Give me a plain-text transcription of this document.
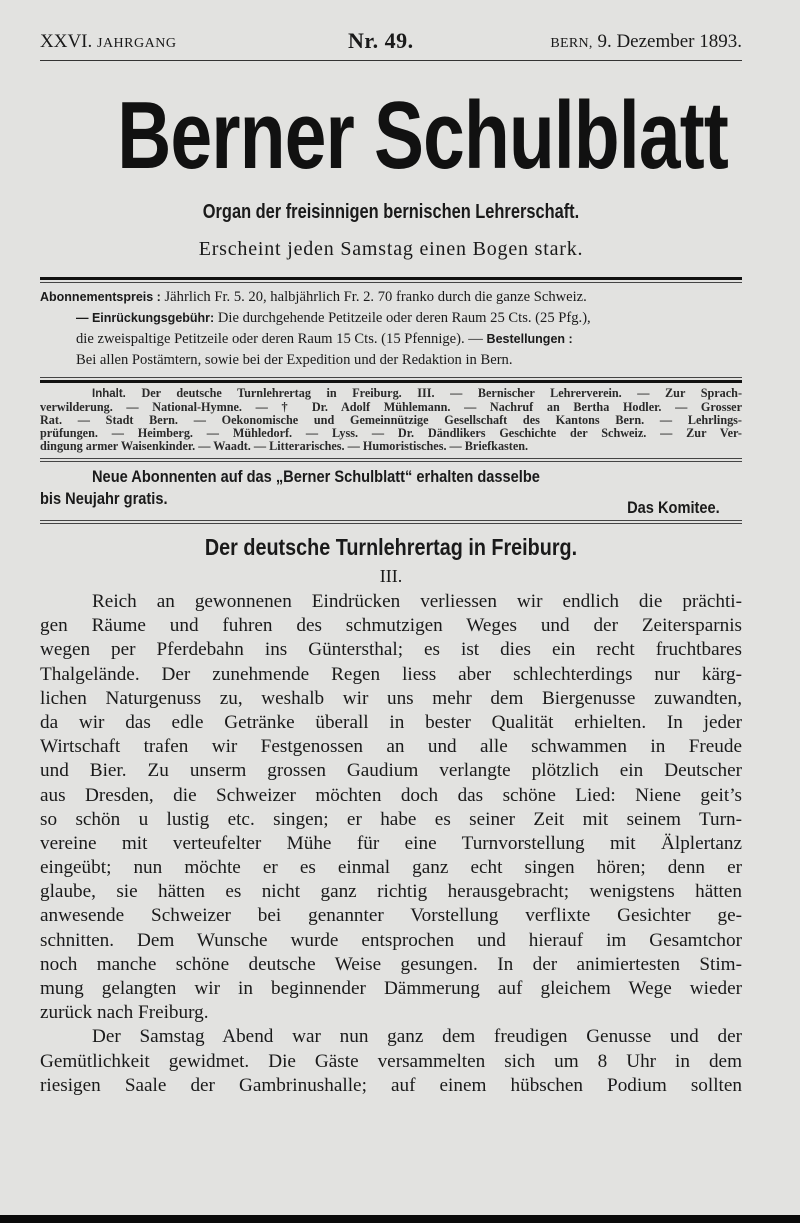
XXVI. JAHRGANG	Nr. 49.	BERN, 9. Dezember 1893.
Berner Schulblatt
Organ der freisinnigen bernischen Lehrerschaft.
Erscheint jeden Samstag einen Bogen stark.
Abonnementspreis : Jährlich Fr. 5. 20, halbjährlich Fr. 2. 70 franko durch die ganze Schweiz.
— Einrückungsgebühr: Die durchgehende Petitzeile oder deren Raum 25 Cts. (25 Pfg.),
die zweispaltige Petitzeile oder deren Raum 15 Cts. (15 Pfennige). — Bestellungen :
Bei allen Postämtern, sowie bei der Expedition und der Redaktion in Bern.
Inhalt. Der deutsche Turnlehrertag in Freiburg. III. — Bernischer Lehrerverein. — Zur Sprach-
verwilderung. — National-Hymne. — † Dr. Adolf Mühlemann. — Nachruf an Bertha Hodler. — Grosser
Rat. — Stadt Bern. — Oekonomische und Gemeinnützige Gesellschaft des Kantons Bern. — Lehrlings-
prüfungen. — Heimberg. — Mühledorf. — Lyss. — Dr. Dändlikers Geschichte der Schweiz. — Zur Ver-
dingung armer Waisenkinder. — Waadt. — Litterarisches. — Humoristisches. — Briefkasten.
Neue Abonnenten auf das „Berner Schulblatt“ erhalten dasselbe
bis Neujahr gratis.	Das Komitee.
Der deutsche Turnlehrertag in Freiburg.
III.
Reich an gewonnenen Eindrücken verliessen wir endlich die prächti-
gen Räume und fuhren des schmutzigen Weges und der Zeitersparnis
wegen per Pferdebahn ins Güntersthal; es ist dies ein recht fruchtbares
Thalgelände. Der zunehmende Regen liess aber schlechterdings nur kärg-
lichen Naturgenuss zu, weshalb wir uns mehr dem Biergenusse zuwandten,
da wir das edle Getränke überall in bester Qualität erhielten. In jeder
Wirtschaft trafen wir Festgenossen an und alle schwammen in Freude
und Bier. Zu unserm grossen Gaudium verlangte plötzlich ein Deutscher
aus Dresden, die Schweizer möchten doch das schöne Lied: Niene geit’s
so schön u lustig etc. singen; er habe es seiner Zeit mit seinem Turn-
vereine mit verteufelter Mühe für eine Turnvorstellung mit Älplertanz
eingeübt; nun möchte er es einmal ganz echt singen hören; denn er
glaube, sie hätten es nicht ganz richtig herausgebracht; wenigstens hätten
anwesende Schweizer bei genannter Vorstellung verflixte Gesichter ge-
schnitten. Dem Wunsche wurde entsprochen und hierauf im Gesamtchor
noch manche schöne deutsche Weise gesungen. In der animiertesten Stim-
mung gelangten wir in beginnender Dämmerung auf gleichem Wege wieder
zurück nach Freiburg.
Der Samstag Abend war nun ganz dem freudigen Genusse und der
Gemütlichkeit gewidmet. Die Gäste versammelten sich um 8 Uhr in dem
riesigen Saale der Gambrinushalle; auf einem hübschen Podium sollten
